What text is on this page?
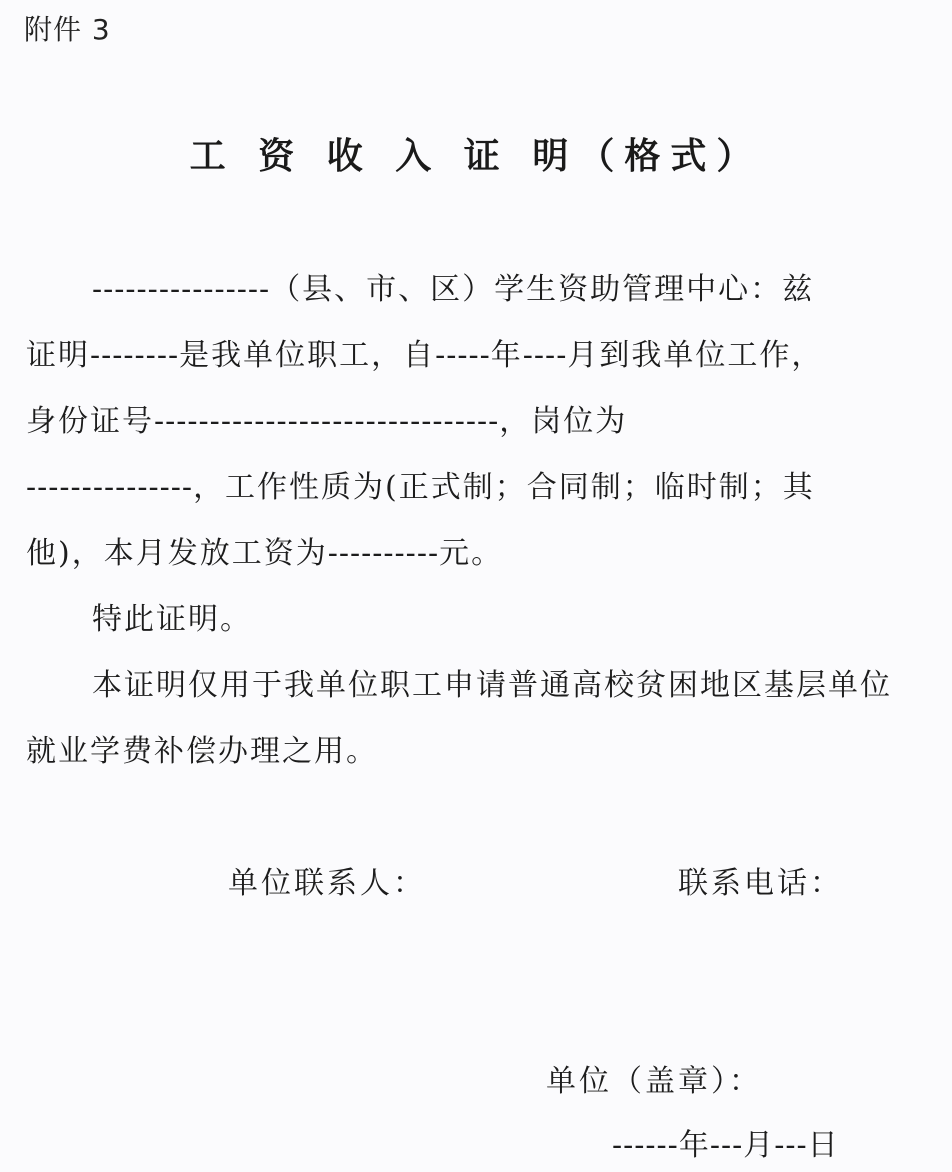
附件 3
工 资 收 入 证 明（格式）
----------------（县、市、区）学生资助管理中心：兹
证明--------是我单位职工，自-----年----月到我单位工作，
身份证号-------------------------------，岗位为
---------------，工作性质为(正式制；合同制；临时制；其
他)，本月发放工资为----------元。
特此证明。
本证明仅用于我单位职工申请普通高校贫困地区基层单位
就业学费补偿办理之用。
单位联系人：	联系电话：
单位（盖章）：
------年---月---日
